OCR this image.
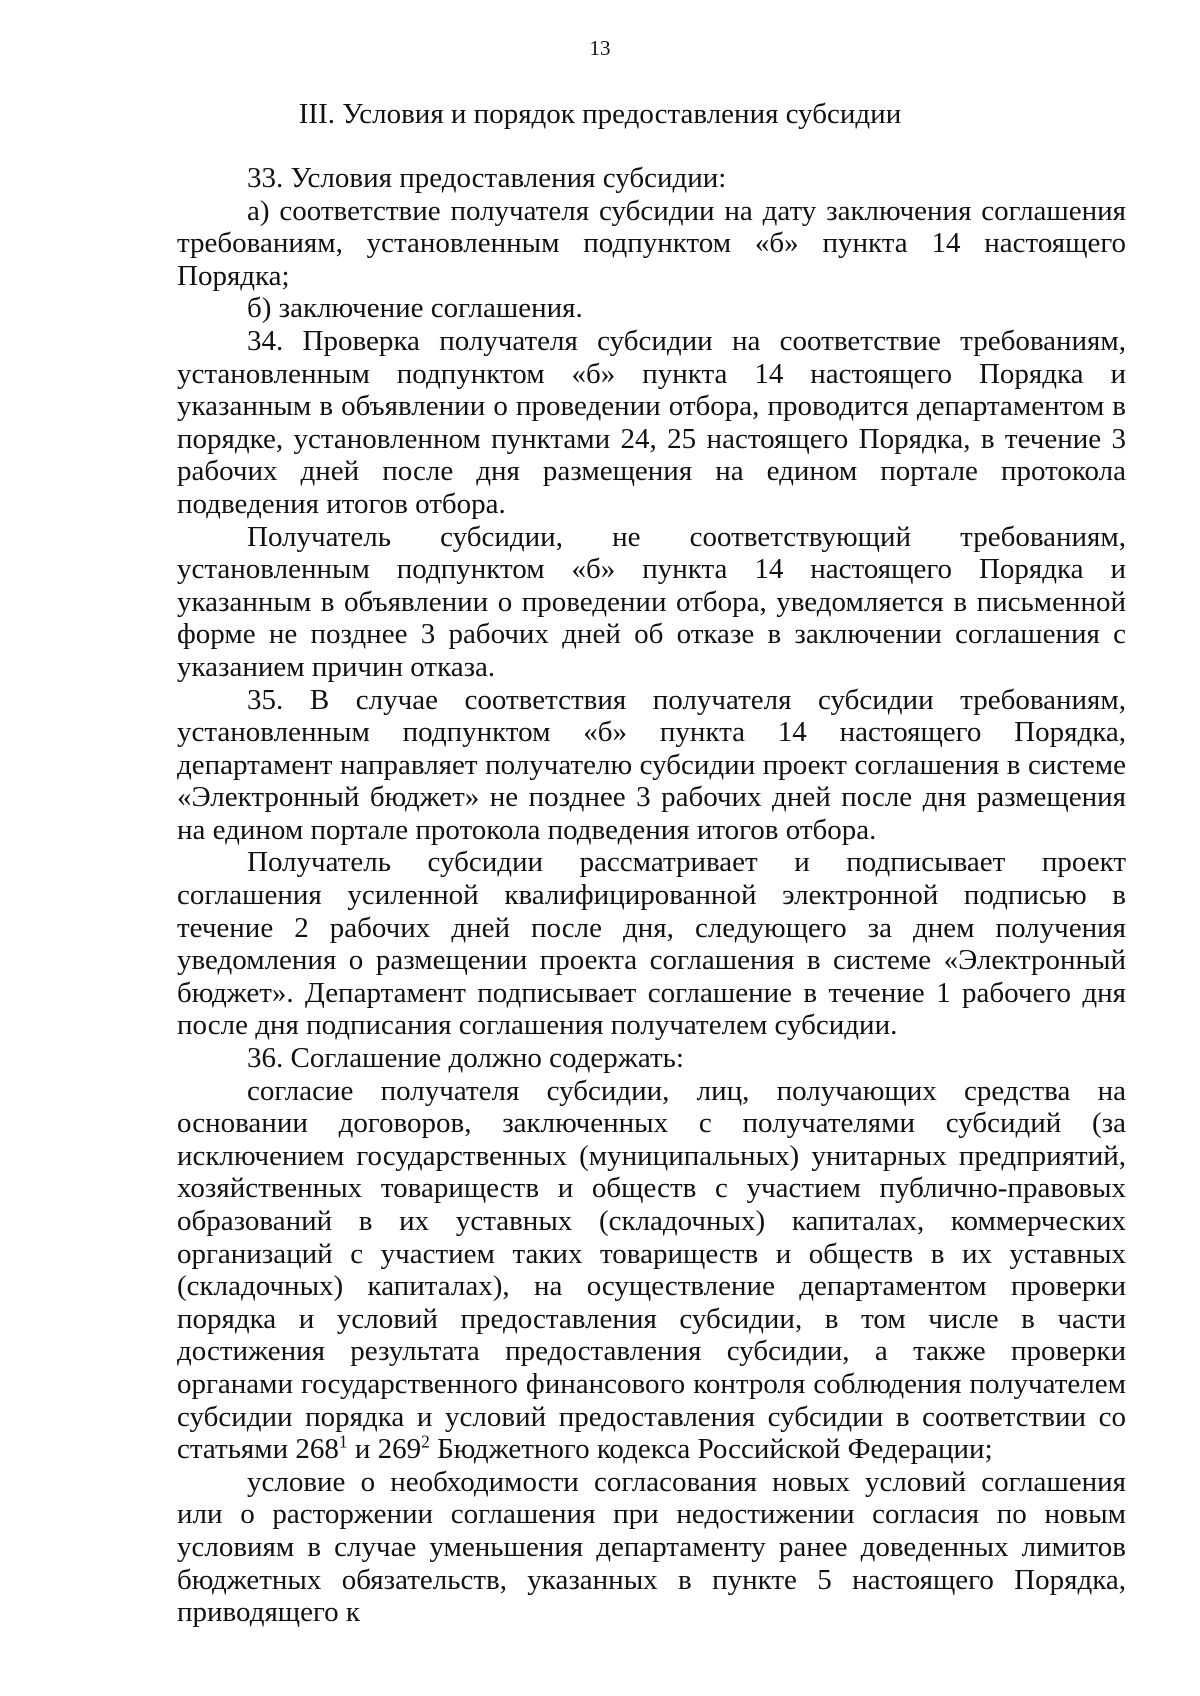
13
III. Условия и порядок предоставления субсидии

33. Условия предоставления субсидии:

а) соответствие получателя субсидии на дату заключения соглашения требованиям, установленным подпунктом «б» пункта 14 настоящего Порядка;

б) заключение соглашения.

34. Проверка получателя субсидии на соответствие требованиям, установленным подпунктом «б» пункта 14 настоящего Порядка и указанным в объявлении о проведении отбора, проводится департаментом в порядке, установленном пунктами 24, 25 настоящего Порядка, в течение 3 рабочих дней после дня размещения на едином портале протокола подведения итогов отбора.

Получатель субсидии, не соответствующий требованиям, установленным подпунктом «б» пункта 14 настоящего Порядка и указанным в объявлении о проведении отбора, уведомляется в письменной форме не позднее 3 рабочих дней об отказе в заключении соглашения с указанием причин отказа.

35. В случае соответствия получателя субсидии требованиям, установленным подпунктом «б» пункта 14 настоящего Порядка, департамент направляет получателю субсидии проект соглашения в системе «Электронный бюджет» не позднее 3 рабочих дней после дня размещения на едином портале протокола подведения итогов отбора.

Получатель субсидии рассматривает и подписывает проект соглашения усиленной квалифицированной электронной подписью в течение 2 рабочих дней после дня, следующего за днем получения уведомления о размещении проекта соглашения в системе «Электронный бюджет». Департамент подписывает соглашение в течение 1 рабочего дня после дня подписания соглашения получателем субсидии.

36. Соглашение должно содержать:

согласие получателя субсидии, лиц, получающих средства на основании договоров, заключенных с получателями субсидий (за исключением государственных (муниципальных) унитарных предприятий, хозяйственных товариществ и обществ с участием публично-правовых образований в их уставных (складочных) капиталах, коммерческих организаций с участием таких товариществ и обществ в их уставных (складочных) капиталах), на осуществление департаментом проверки порядка и условий предоставления субсидии, в том числе в части достижения результата предоставления субсидии, а также проверки органами государственного финансового контроля соблюдения получателем субсидии порядка и условий предоставления субсидии в соответствии со статьями $268^1$ и $269^2$ Бюджетного кодекса Российской Федерации;

условие о необходимости согласования новых условий соглашения или о расторжении соглашения при недостижении согласия по новым условиям в случае уменьшения департаменту ранее доведенных лимитов бюджетных обязательств, указанных в пункте 5 настоящего Порядка, приводящего к
